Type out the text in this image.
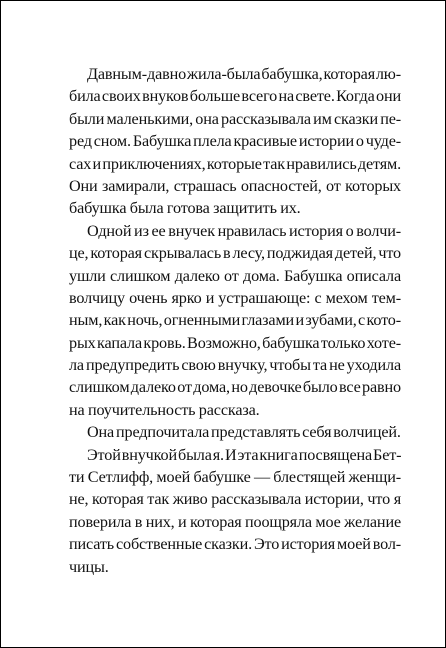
Давным-давно жила-была бабушка, которая лю-
била своих внуков больше всего на свете. Когда они
были маленькими, она рассказывала им сказки пе-
ред сном. Бабушка плела красивые истории о чуде-
сах и приключениях, которые так нравились детям.
Они замирали, страшась опасностей, от которых
бабушка была готова защитить их.
Одной из ее внучек нравилась история о волчи-
це, которая скрывалась в лесу, поджидая детей, что
ушли слишком далеко от дома. Бабушка описала
волчицу очень ярко и устрашающе: с мехом тем-
ным, как ночь, огненными глазами и зубами, с кото-
рых капала кровь. Возможно, бабушка только хоте-
ла предупредить свою внучку, чтобы та не уходила
слишком далеко от дома, но девочке было все равно
на поучительность рассказа.
Она предпочитала представлять себя волчицей.
Этой внучкой была я. И эта книга посвящена Бет-
ти Сетлифф, моей бабушке — блестящей женщи-
не, которая так живо рассказывала истории, что я
поверила в них, и которая поощряла мое желание
писать собственные сказки. Это история моей вол-
чицы.
